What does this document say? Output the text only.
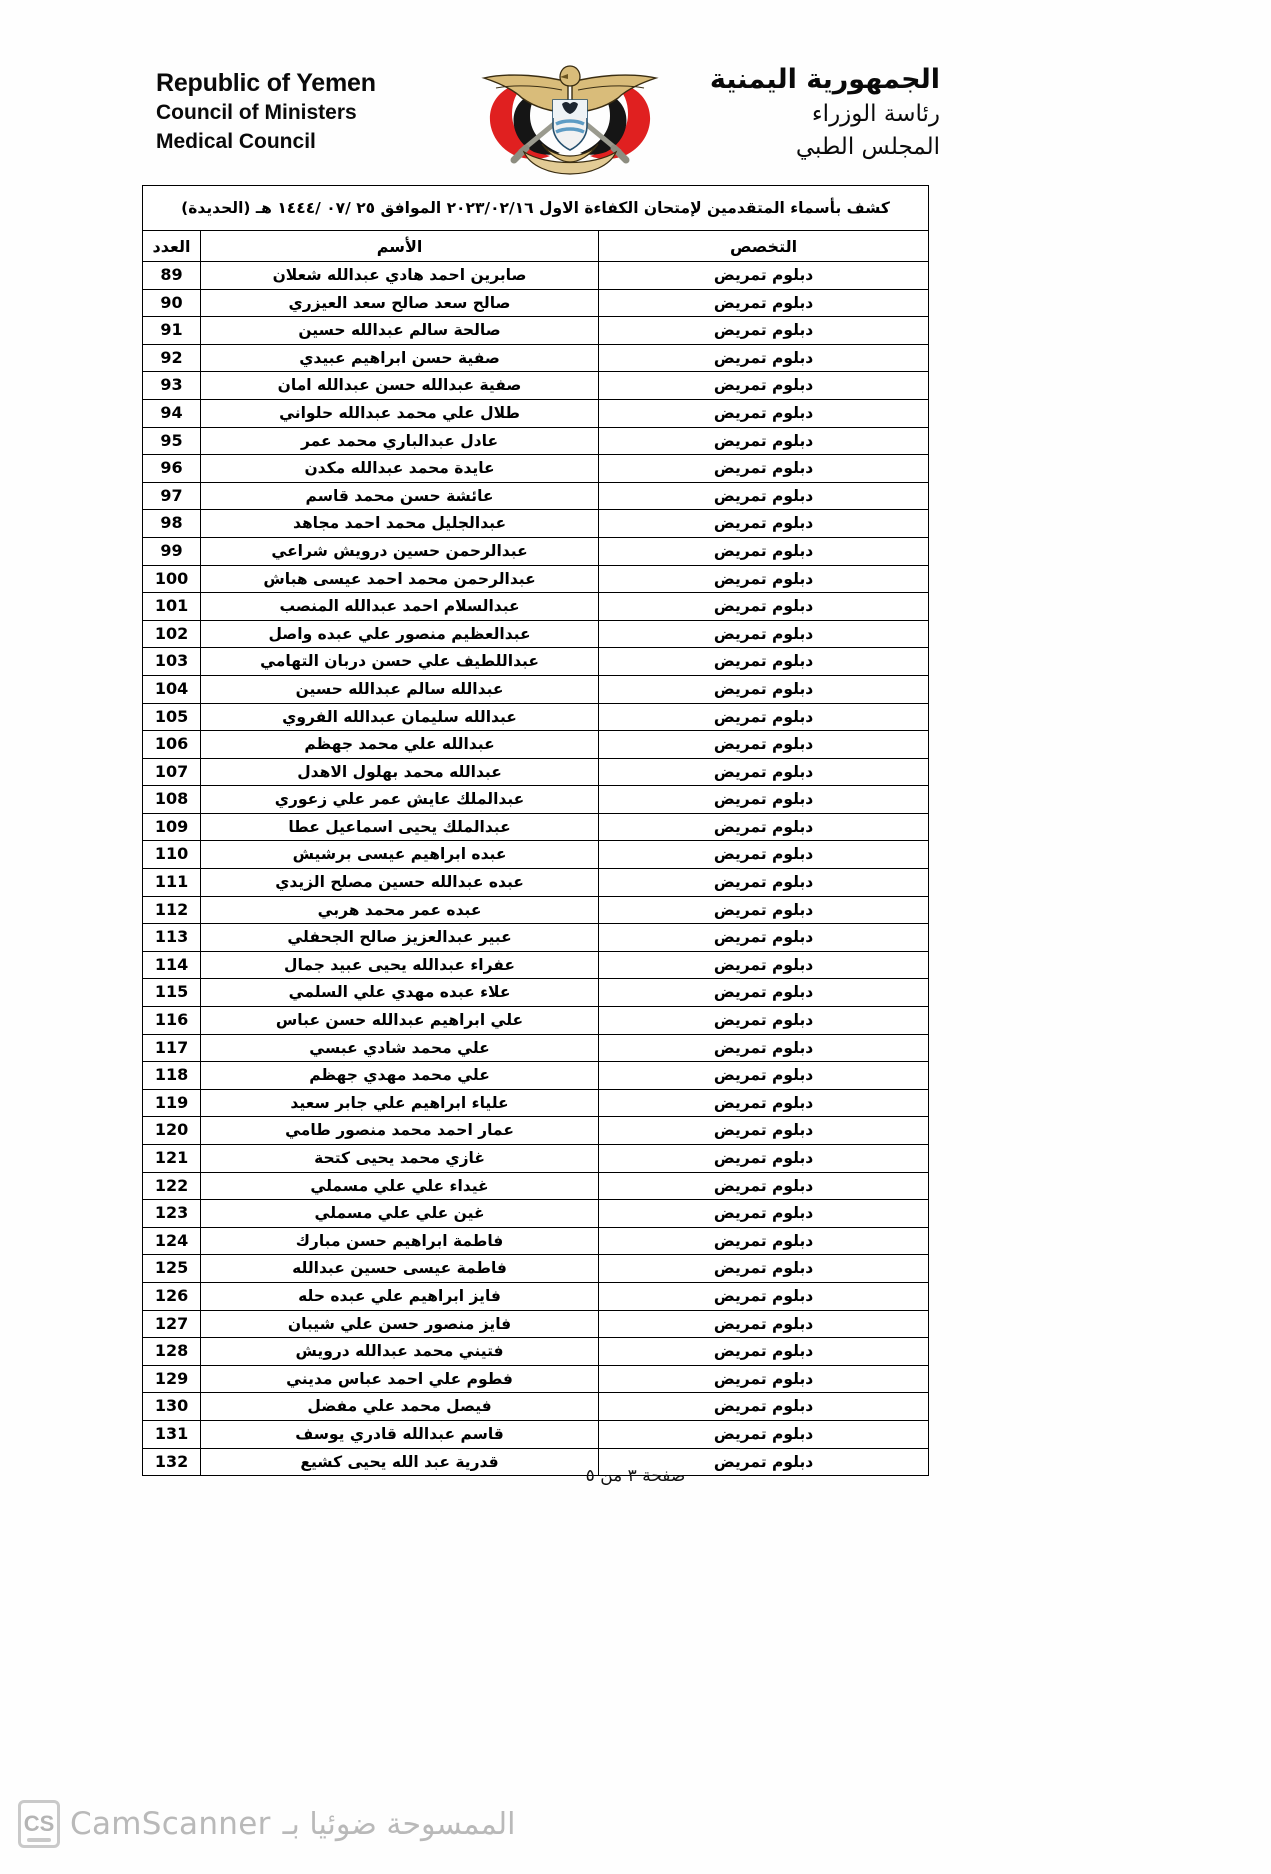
Republic of Yemen
Council of Ministers
Medical Council
الجمهورية اليمنية
رئاسة الوزراء
المجلس الطبي
كشف بأسماء المتقدمين لإمتحان الكفاءة الاول ٢٠٢٣/٠٢/١٦ الموافق ٢٥ /٠٧ /١٤٤٤ هـ (الحديدة)		
التخصص	الأسم	العدد
دبلوم تمريض	صابرين احمد هادي عبدالله شعلان	89
دبلوم تمريض	صالح سعد صالح سعد العيزري	90
دبلوم تمريض	صالحة سالم عبدالله حسين	91
دبلوم تمريض	صفية حسن ابراهيم عبيدي	92
دبلوم تمريض	صفية عبدالله حسن عبدالله امان	93
دبلوم تمريض	طلال علي محمد عبدالله حلواني	94
دبلوم تمريض	عادل عبدالباري محمد عمر	95
دبلوم تمريض	عايدة محمد عبدالله مكدن	96
دبلوم تمريض	عائشة حسن محمد قاسم	97
دبلوم تمريض	عبدالجليل محمد احمد مجاهد	98
دبلوم تمريض	عبدالرحمن حسين درويش شراعي	99
دبلوم تمريض	عبدالرحمن محمد احمد عيسى هباش	100
دبلوم تمريض	عبدالسلام احمد عبدالله المنصب	101
دبلوم تمريض	عبدالعظيم منصور علي عبده واصل	102
دبلوم تمريض	عبداللطيف علي حسن دربان التهامي	103
دبلوم تمريض	عبدالله سالم عبدالله حسين	104
دبلوم تمريض	عبدالله سليمان عبدالله الفروي	105
دبلوم تمريض	عبدالله علي محمد جهظم	106
دبلوم تمريض	عبدالله محمد بهلول الاهدل	107
دبلوم تمريض	عبدالملك عايش عمر علي زعوري	108
دبلوم تمريض	عبدالملك يحيى اسماعيل عطا	109
دبلوم تمريض	عبده ابراهيم عيسى برشيش	110
دبلوم تمريض	عبده عبدالله حسين مصلح الزيدي	111
دبلوم تمريض	عبده عمر محمد هربي	112
دبلوم تمريض	عبير عبدالعزيز صالح الجحفلي	113
دبلوم تمريض	عفراء عبدالله يحيى عبيد جمال	114
دبلوم تمريض	علاء عبده مهدي علي السلمي	115
دبلوم تمريض	علي ابراهيم عبدالله حسن عباس	116
دبلوم تمريض	علي محمد شادي عبسي	117
دبلوم تمريض	علي محمد مهدي جهظم	118
دبلوم تمريض	علياء ابراهيم علي جابر سعيد	119
دبلوم تمريض	عمار احمد محمد منصور طامي	120
دبلوم تمريض	غازي محمد يحيى كتحة	121
دبلوم تمريض	غيداء علي علي مسملي	122
دبلوم تمريض	غين علي علي مسملي	123
دبلوم تمريض	فاطمة ابراهيم حسن مبارك	124
دبلوم تمريض	فاطمة عيسى حسين عبدالله	125
دبلوم تمريض	فايز ابراهيم علي عبده حله	126
دبلوم تمريض	فايز منصور حسن علي شيبان	127
دبلوم تمريض	فتيني محمد عبدالله درويش	128
دبلوم تمريض	فطوم علي احمد عباس مديني	129
دبلوم تمريض	فيصل محمد علي مفضل	130
دبلوم تمريض	قاسم عبدالله قادري يوسف	131
دبلوم تمريض	قدرية عبد الله يحيى كشيع	132
صفحة ٣ من ٥
CS CamScanner الممسوحة ضوئيا بـ
